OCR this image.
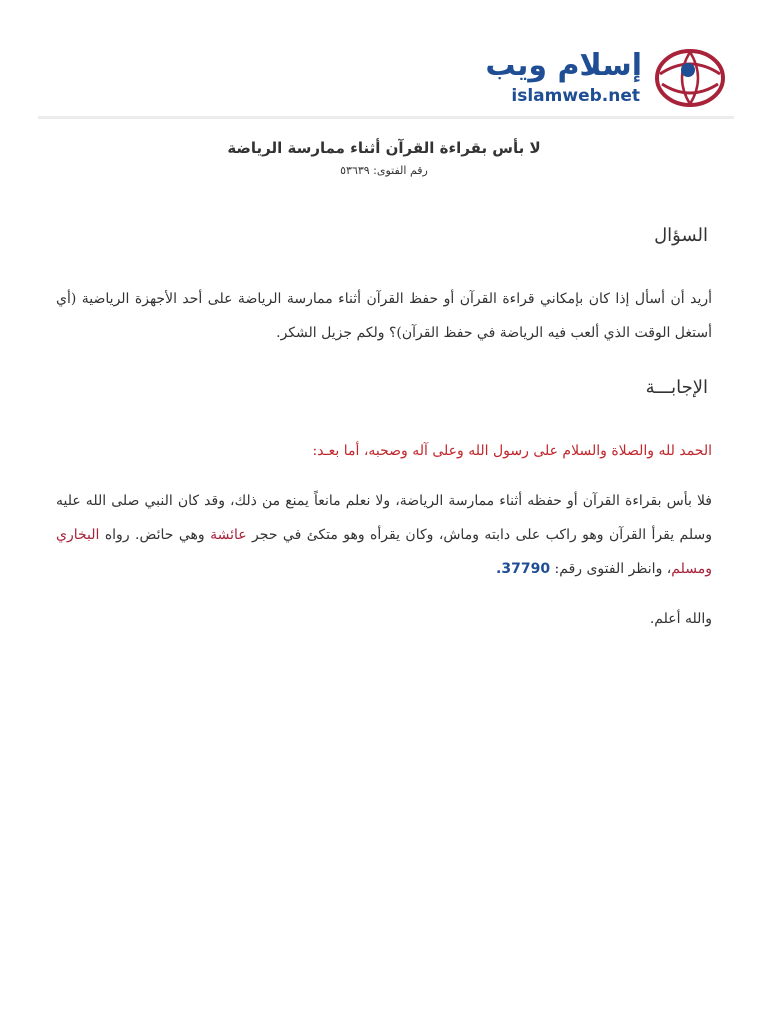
إسلام ويب
islamweb.net
لا بأس بقراءة القرآن أثناء ممارسة الرياضة
رقم الفتوى: ٥٣٦٣٩
السؤال

أريد أن أسأل إذا كان بإمكاني قراءة القرآن أو حفظ القرآن أثناء ممارسة الرياضة على أحد الأجهزة الرياضية (أي أستغل الوقت الذي ألعب فيه الرياضة في حفظ القرآن)؟ ولكم جزيل الشكر.

الإجابـــة

الحمد لله والصلاة والسلام على رسول الله وعلى آله وصحبه، أما بعـد:

فلا بأس بقراءة القرآن أو حفظه أثناء ممارسة الرياضة، ولا نعلم مانعاً يمنع من ذلك، وقد كان النبي صلى الله عليه وسلم يقرأ القرآن وهو راكب على دابته وماش، وكان يقرأه وهو متكئ في حجر عائشة وهي حائض. رواه البخاري ومسلم، وانظر الفتوى رقم: 37790.

والله أعلم.
